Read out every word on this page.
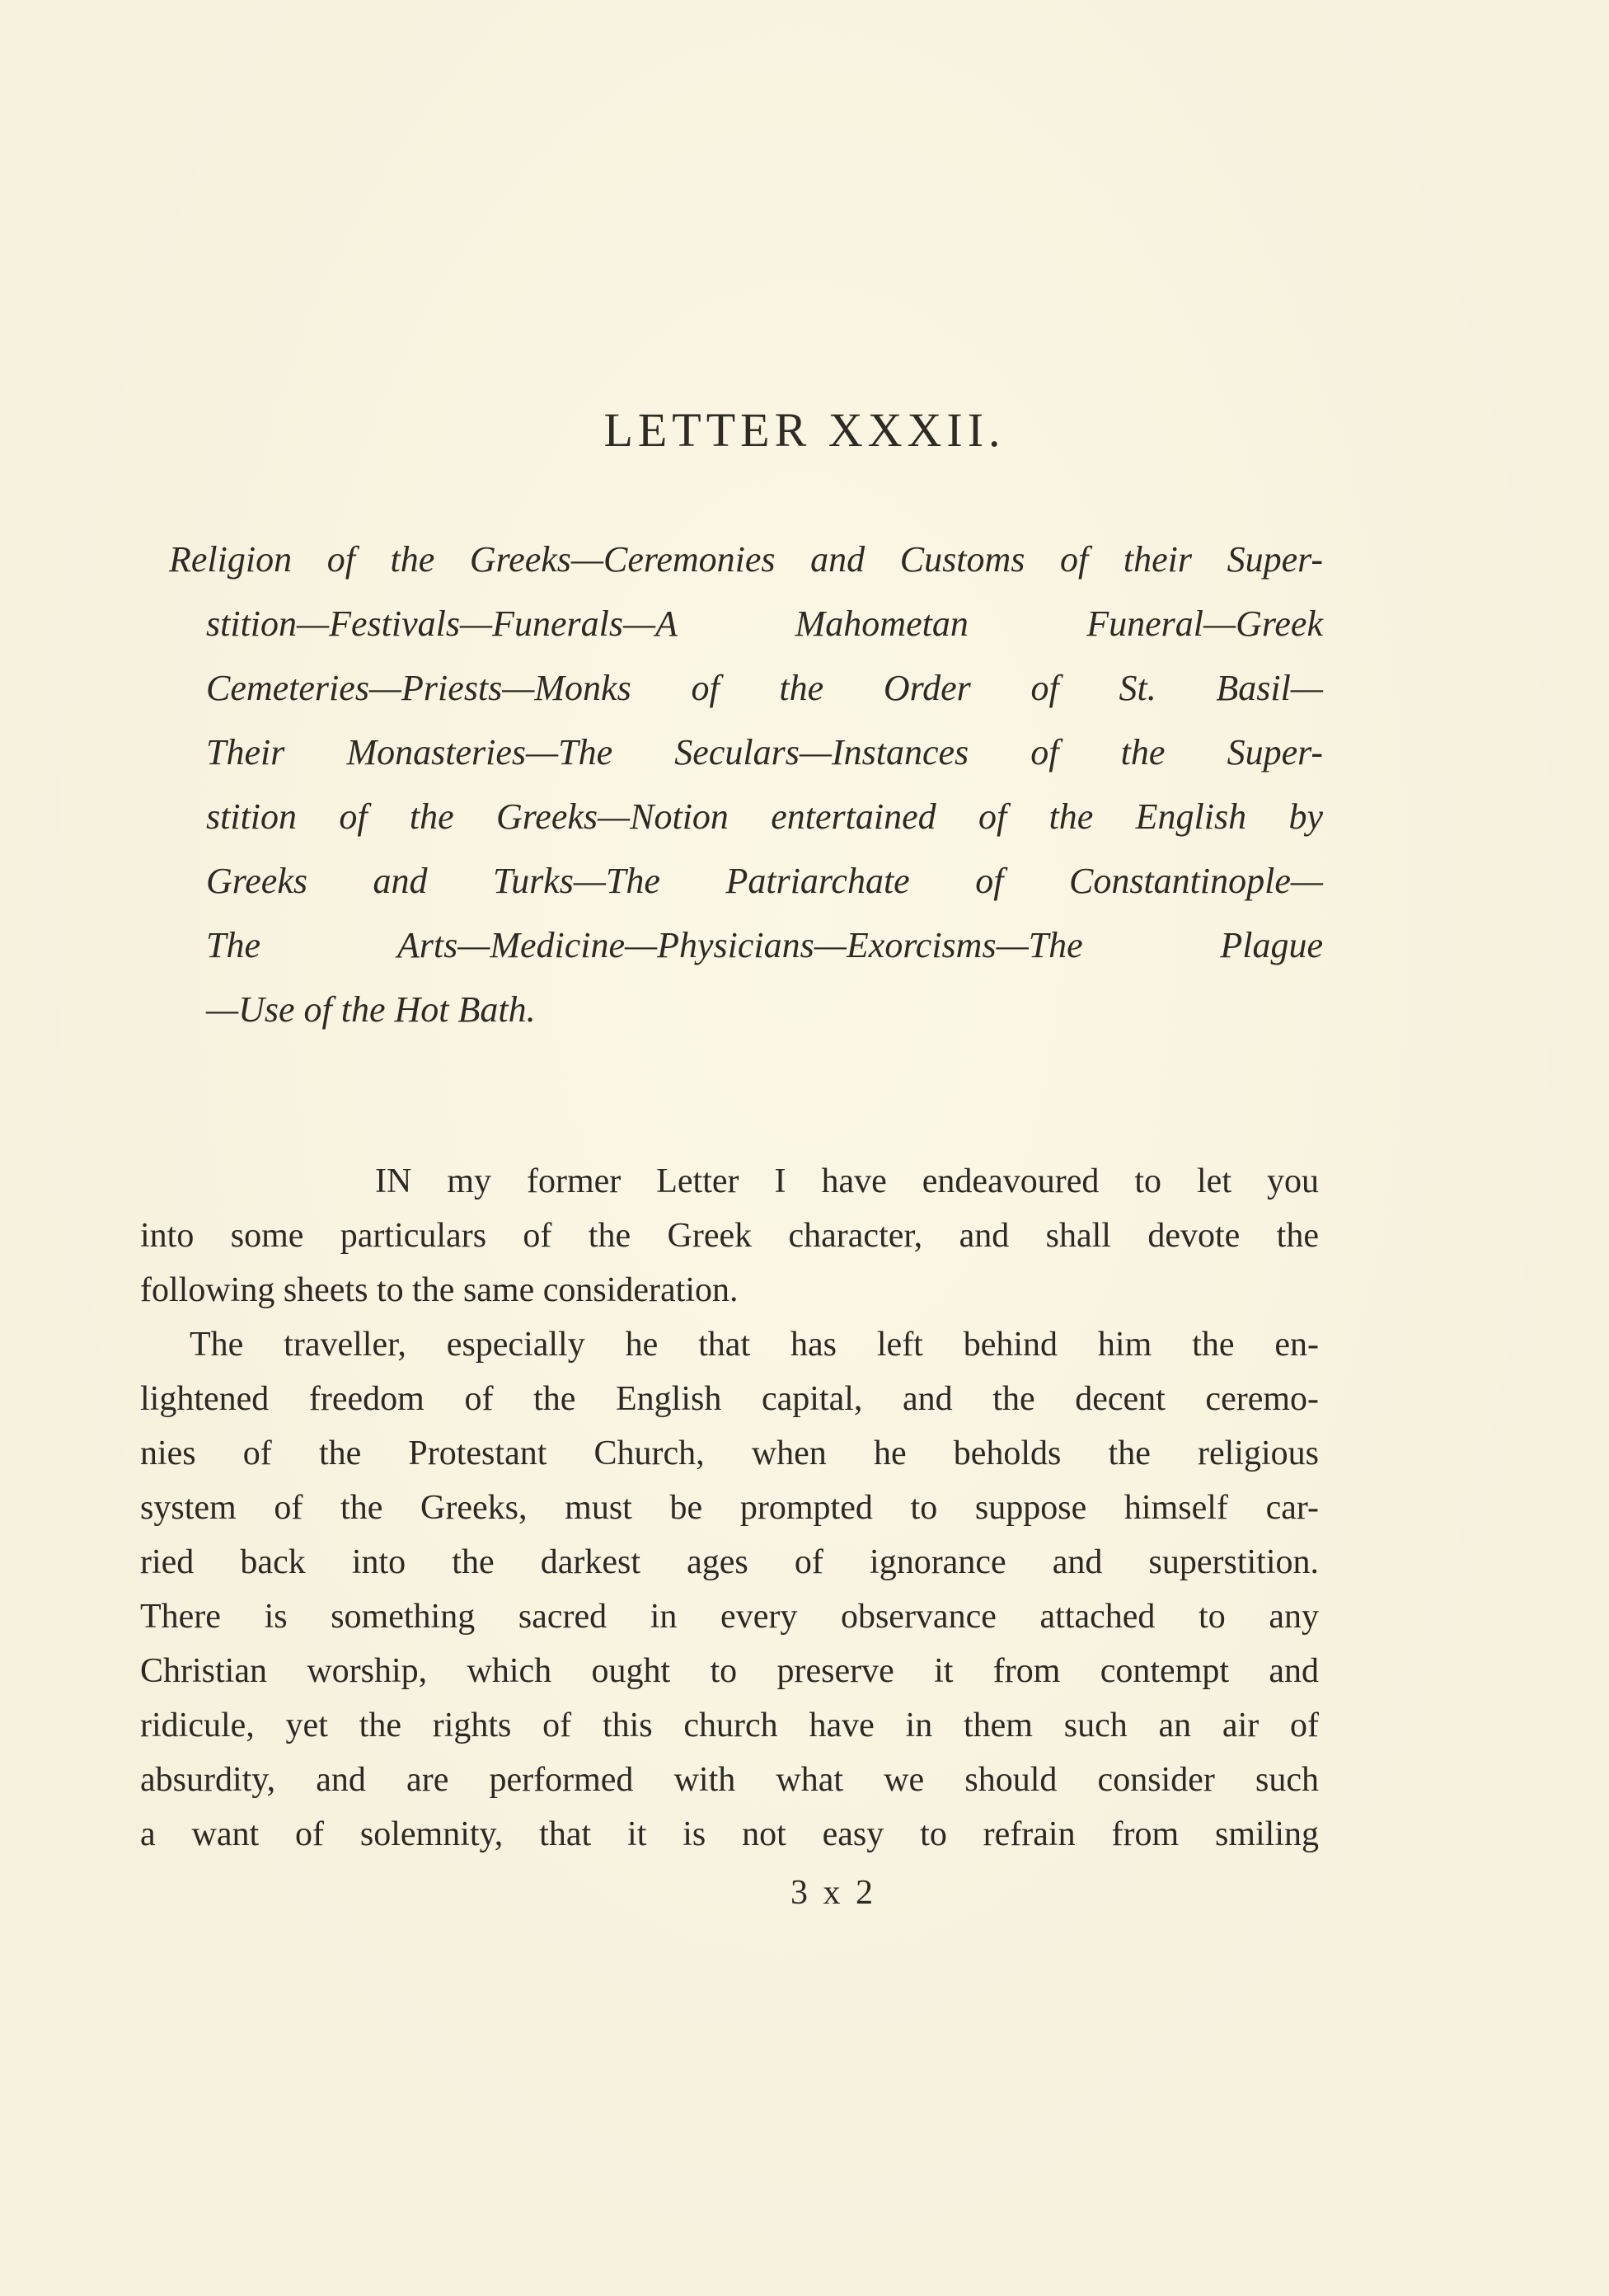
LETTER XXXII.
Religion of the Greeks—Ceremonies and Customs of their Super-
stition—Festivals—Funerals—A Mahometan Funeral—Greek
Cemeteries—Priests—Monks of the Order of St. Basil—
Their Monasteries—The Seculars—Instances of the Super-
stition of the Greeks—Notion entertained of the English by
Greeks and Turks—The Patriarchate of Constantinople—
The Arts—Medicine—Physicians—Exorcisms—The Plague
—Use of the Hot Bath.
IN my former Letter I have endeavoured to let you
into some particulars of the Greek character, and shall devote the
following sheets to the same consideration.
The traveller, especially he that has left behind him the en-
lightened freedom of the English capital, and the decent ceremo-
nies of the Protestant Church, when he beholds the religious
system of the Greeks, must be prompted to suppose himself car-
ried back into the darkest ages of ignorance and superstition.
There is something sacred in every observance attached to any
Christian worship, which ought to preserve it from contempt and
ridicule, yet the rights of this church have in them such an air of
absurdity, and are performed with what we should consider such
a want of solemnity, that it is not easy to refrain from smiling
3 x 2
